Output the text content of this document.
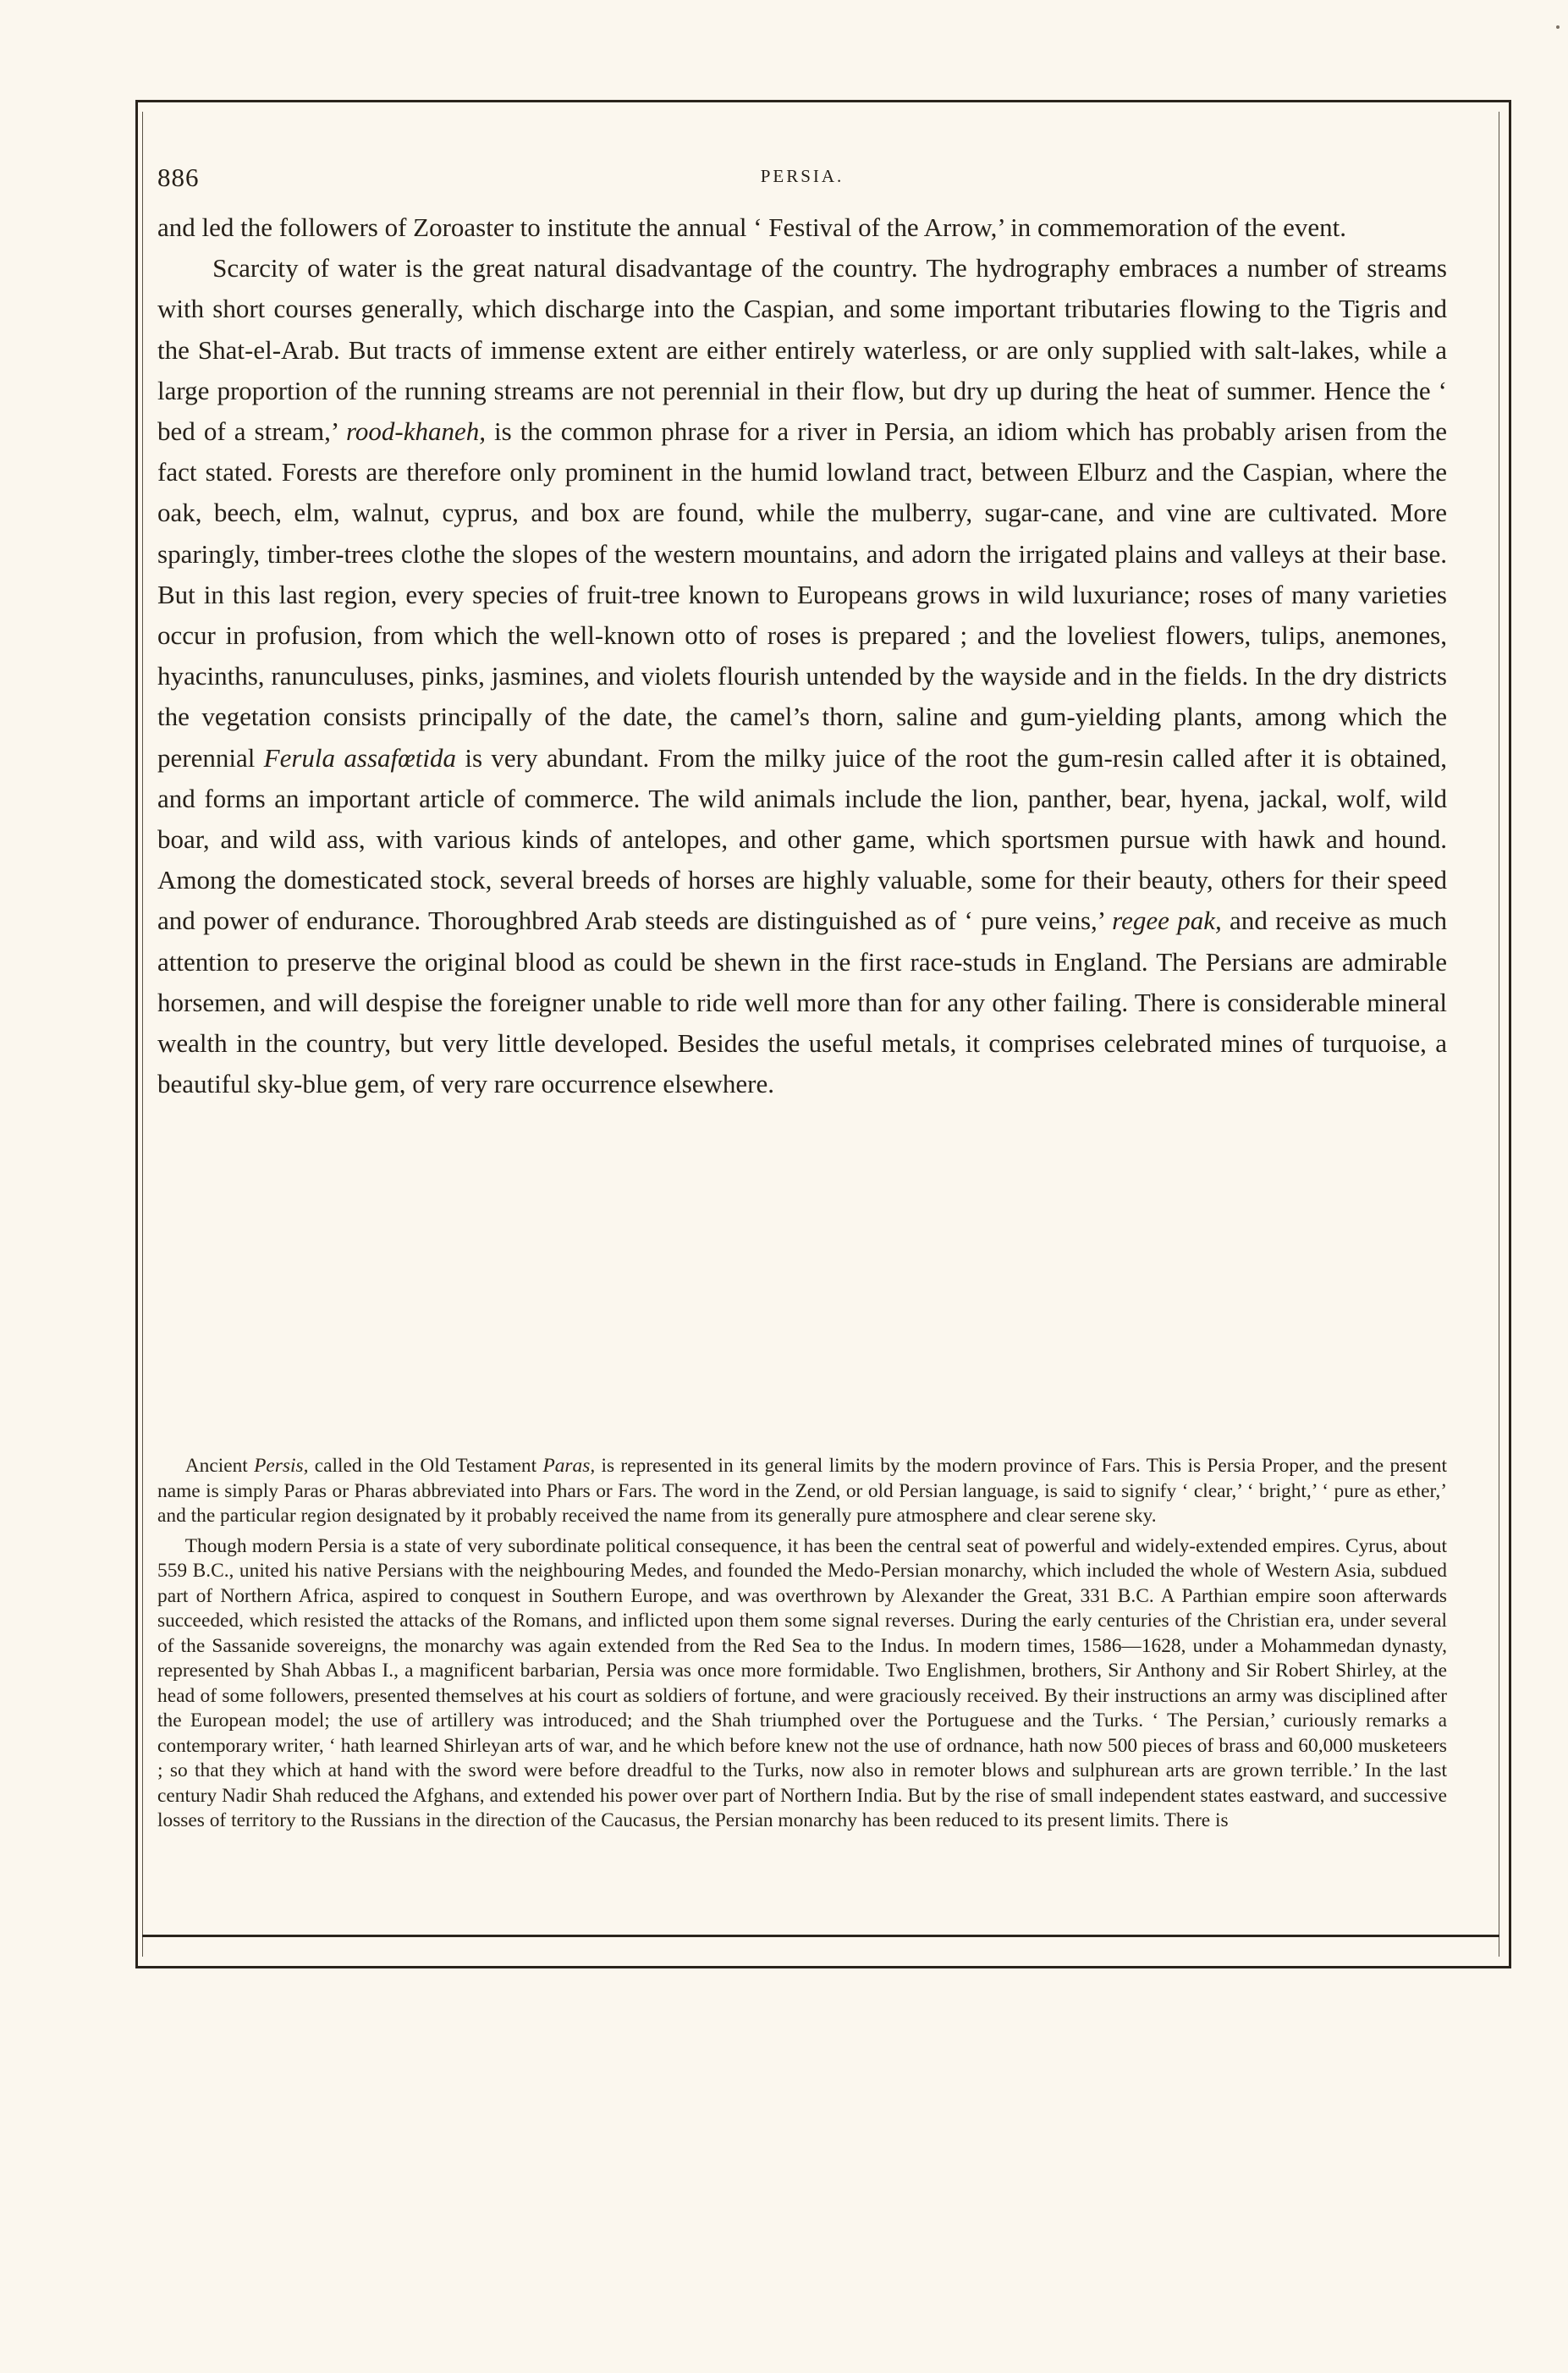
886	PERSIA.

and led the followers of Zoroaster to institute the annual ‘ Festival of the Arrow,’ in commemoration of the event.

Scarcity of water is the great natural disadvantage of the country. The hydrography embraces a number of streams with short courses generally, which discharge into the Caspian, and some important tributaries flowing to the Tigris and the Shat-el-Arab. But tracts of immense extent are either entirely waterless, or are only supplied with salt-lakes, while a large proportion of the running streams are not perennial in their flow, but dry up during the heat of summer. Hence the ‘ bed of a stream,’ rood-khaneh, is the common phrase for a river in Persia, an idiom which has probably arisen from the fact stated. Forests are therefore only prominent in the humid lowland tract, between Elburz and the Caspian, where the oak, beech, elm, walnut, cyprus, and box are found, while the mulberry, sugar-cane, and vine are cultivated. More sparingly, timber-trees clothe the slopes of the western mountains, and adorn the irrigated plains and valleys at their base. But in this last region, every species of fruit-tree known to Europeans grows in wild luxuriance; roses of many varieties occur in profusion, from which the well-known otto of roses is prepared ; and the loveliest flowers, tulips, anemones, hyacinths, ranunculuses, pinks, jasmines, and violets flourish untended by the wayside and in the fields. In the dry districts the vegetation consists principally of the date, the camel’s thorn, saline and gum-yielding plants, among which the perennial Ferula assafœtida is very abundant. From the milky juice of the root the gum-resin called after it is obtained, and forms an important article of commerce. The wild animals include the lion, panther, bear, hyena, jackal, wolf, wild boar, and wild ass, with various kinds of antelopes, and other game, which sportsmen pursue with hawk and hound. Among the domesticated stock, several breeds of horses are highly valuable, some for their beauty, others for their speed and power of endurance. Thoroughbred Arab steeds are distinguished as of ‘ pure veins,’ regee pak, and receive as much attention to preserve the original blood as could be shewn in the first race-studs in England. The Persians are admirable horsemen, and will despise the foreigner unable to ride well more than for any other failing. There is considerable mineral wealth in the country, but very little developed. Besides the useful metals, it comprises celebrated mines of turquoise, a beautiful sky-blue gem, of very rare occurrence elsewhere.

Ancient Persis, called in the Old Testament Paras, is represented in its general limits by the modern province of Fars. This is Persia Proper, and the present name is simply Paras or Pharas abbreviated into Phars or Fars. The word in the Zend, or old Persian language, is said to signify ‘ clear,’ ‘ bright,’ ‘ pure as ether,’ and the particular region designated by it probably received the name from its generally pure atmosphere and clear serene sky.

Though modern Persia is a state of very subordinate political consequence, it has been the central seat of powerful and widely-extended empires. Cyrus, about 559 B.C., united his native Persians with the neighbouring Medes, and founded the Medo-Persian monarchy, which included the whole of Western Asia, subdued part of Northern Africa, aspired to conquest in Southern Europe, and was overthrown by Alexander the Great, 331 B.C. A Parthian empire soon afterwards succeeded, which resisted the attacks of the Romans, and inflicted upon them some signal reverses. During the early centuries of the Christian era, under several of the Sassanide sovereigns, the monarchy was again extended from the Red Sea to the Indus. In modern times, 1586—1628, under a Mohammedan dynasty, represented by Shah Abbas I., a magnificent barbarian, Persia was once more formidable. Two Englishmen, brothers, Sir Anthony and Sir Robert Shirley, at the head of some followers, presented themselves at his court as soldiers of fortune, and were graciously received. By their instructions an army was disciplined after the European model; the use of artillery was introduced; and the Shah triumphed over the Portuguese and the Turks. ‘ The Persian,’ curiously remarks a contemporary writer, ‘ hath learned Shirleyan arts of war, and he which before knew not the use of ordnance, hath now 500 pieces of brass and 60,000 musketeers ; so that they which at hand with the sword were before dreadful to the Turks, now also in remoter blows and sulphurean arts are grown terrible.’ In the last century Nadir Shah reduced the Afghans, and extended his power over part of Northern India. But by the rise of small independent states eastward, and successive losses of territory to the Russians in the direction of the Caucasus, the Persian monarchy has been reduced to its present limits. There is
